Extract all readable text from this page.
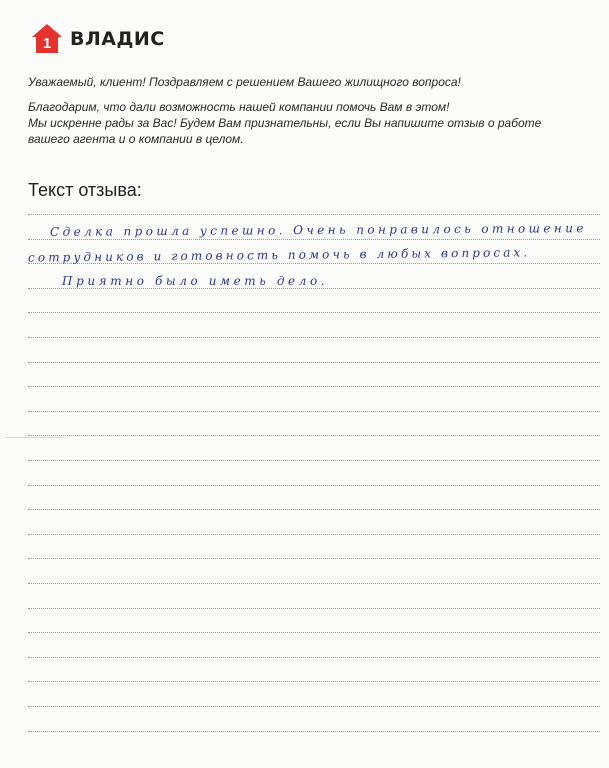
1 ВЛАДИС

Уважаемый, клиент! Поздравляем с решением Вашего жилищного вопроса!

Благодарим, что дали возможность нашей компании помочь Вам в этом!

Мы искренне рады за Вас! Будем Вам признательны, если Вы напишите отзыв о работе

вашего агента и о компании в целом.

Текст отзыва:
Сделка прошла успешно. Очень понравилось отношение
сотрудников и готовность помочь в любых вопросах.
Приятно было иметь дело.
